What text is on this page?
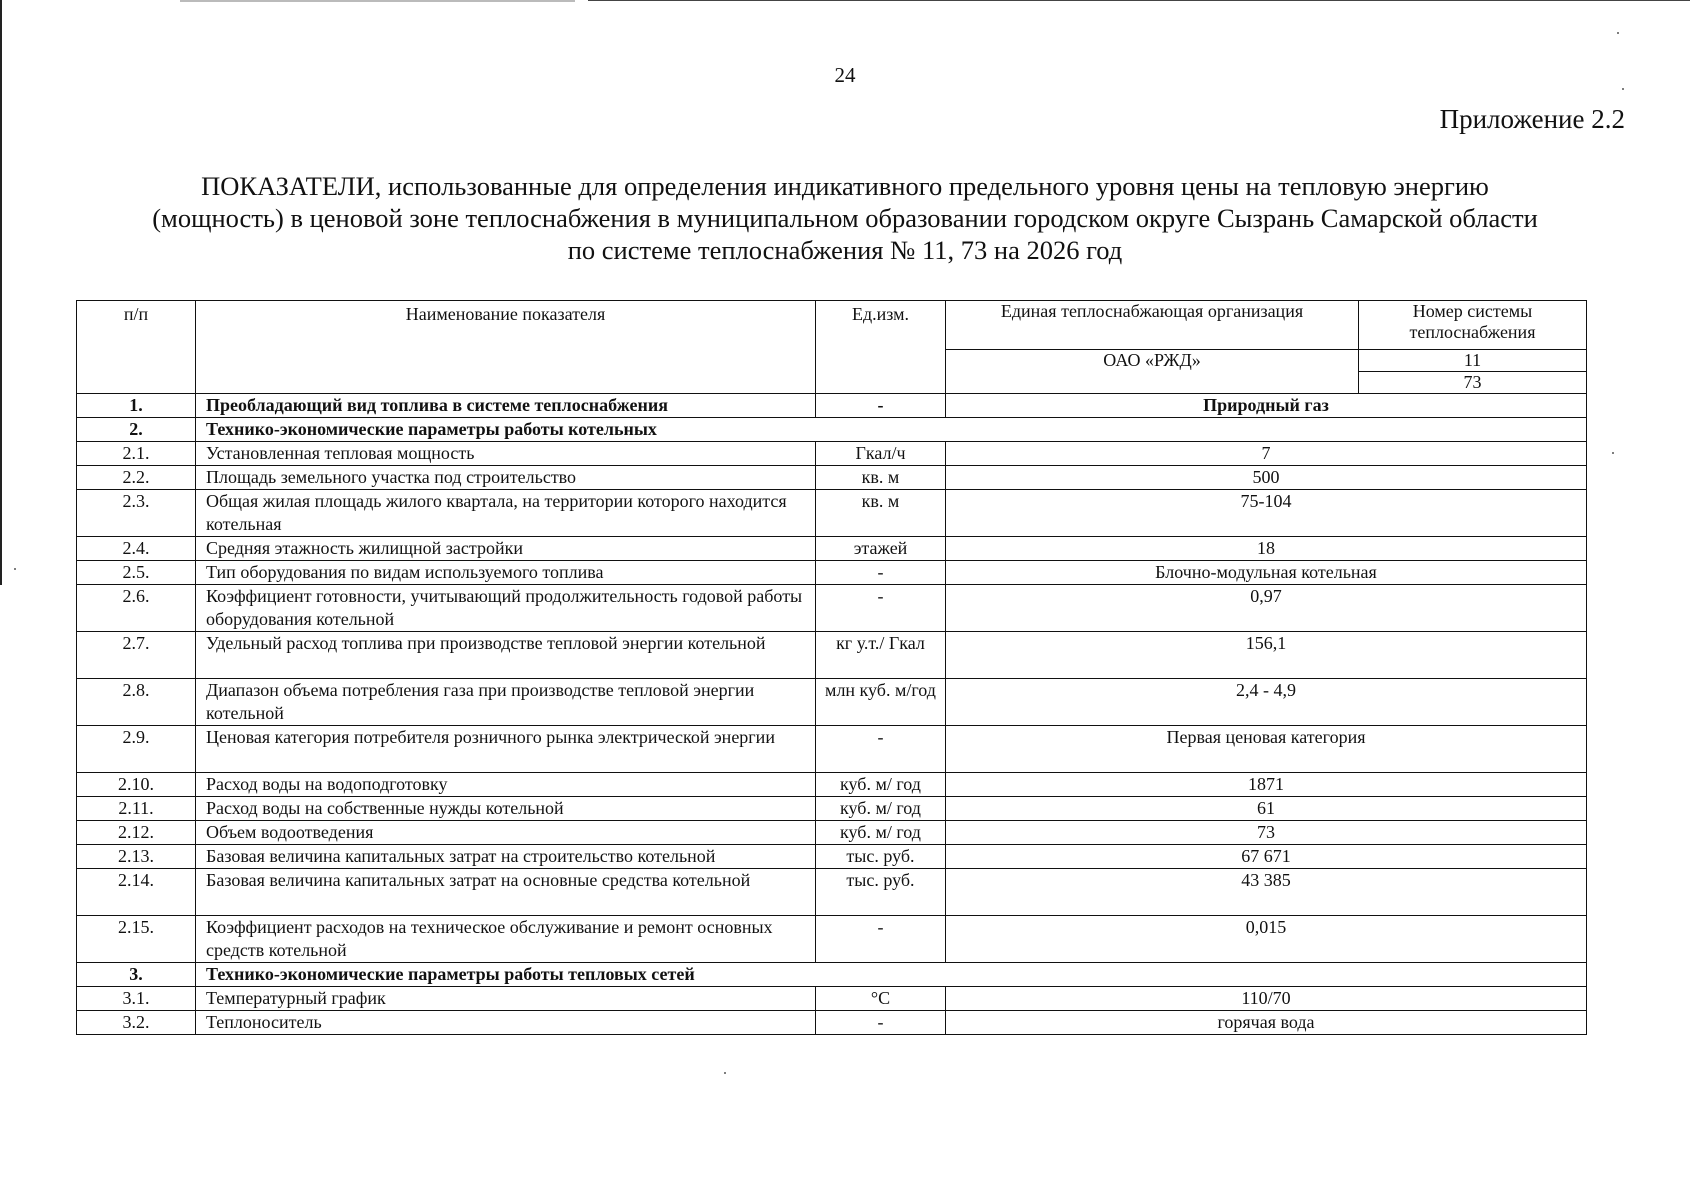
24
Приложение 2.2
ПОКАЗАТЕЛИ, использованные для определения индикативного предельного уровня цены на тепловую энергию
(мощность) в ценовой зоне теплоснабжения в муниципальном образовании городском округе Сызрань Самарской области
по системе теплоснабжения № 11, 73 на 2026 год
п/п	Наименование показателя	Ед.изм.	Единая теплоснабжающая организация	Номер системы теплоснабжения
			ОАО «РЖД»	11
				73
1.	Преобладающий вид топлива в системе теплоснабжения	-	Природный газ	
2.	Технико-экономические параметры работы котельных			
2.1.	Установленная тепловая мощность	Гкал/ч	7	
2.2.	Площадь земельного участка под строительство	кв. м	500	
2.3.	Общая жилая площадь жилого квартала, на территории которого находится котельная	кв. м	75-104	
2.4.	Средняя этажность жилищной застройки	этажей	18	
2.5.	Тип оборудования по видам используемого топлива	-	Блочно-модульная котельная	
2.6.	Коэффициент готовности, учитывающий продолжительность годовой работы оборудования котельной	-	0,97	
2.7.	Удельный расход топлива при производстве тепловой энергии котельной	кг у.т./ Гкал	156,1	
2.8.	Диапазон объема потребления газа при производстве тепловой энергии котельной	млн куб. м/год	2,4 - 4,9	
2.9.	Ценовая категория потребителя розничного рынка электрической энергии	-	Первая ценовая категория	
2.10.	Расход воды на водоподготовку	куб. м/ год	1871	
2.11.	Расход воды на собственные нужды котельной	куб. м/ год	61	
2.12.	Объем водоотведения	куб. м/ год	73	
2.13.	Базовая величина капитальных затрат на строительство котельной	тыс. руб.	67 671	
2.14.	Базовая величина капитальных затрат на основные средства котельной	тыс. руб.	43 385	
2.15.	Коэффициент расходов на техническое обслуживание и ремонт основных средств котельной	-	0,015	
3.	Технико-экономические параметры работы тепловых сетей			
3.1.	Температурный график	°С	110/70	
3.2.	Теплоноситель	-	горячая вода	
